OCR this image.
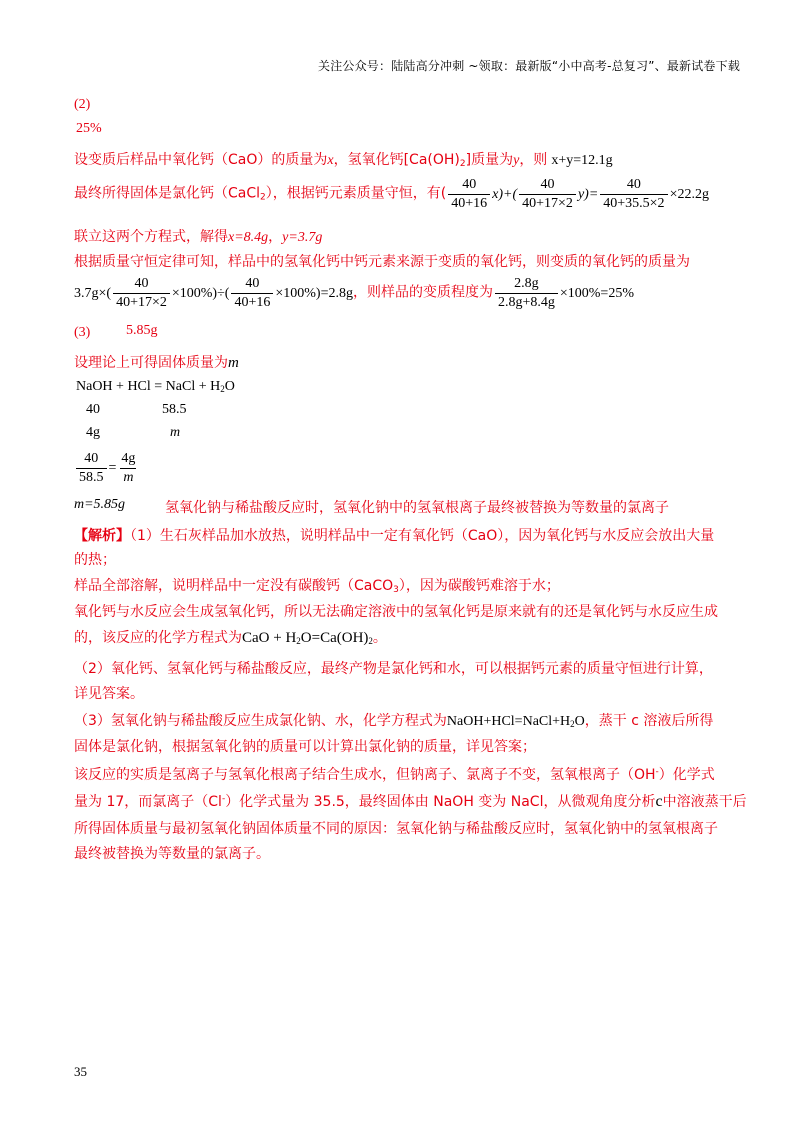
关注公众号：陆陆高分冲刺 ~领取：最新版“小中高考-总复习”、最新试卷下载
(2)
25%
设变质后样品中氧化钙（CaO）的质量为x，氢氧化钙$[Ca(OH)_2]$质量为y，则 x+y=12.1g
最终所得固体是氯化钙（CaCl$_2$），根据钙元素质量守恒，有( $\frac{40}{40+16} x)+( \frac{40}{40+17\times 2} y)= \frac{40}{40+35.5\times 2} \times 22.2g$
联立这两个方程式，解得x=8.4g，y=3.7g
根据质量守恒定律可知，样品中的氢氧化钙中钙元素来源于变质的氧化钙，则变质的氧化钙的质量为
$3.7g\times( \frac{40}{40+17\times 2} \times 100\%)\div( \frac{40}{40+16} \times 100\%)=2.8g$，则样品的变质程度为 $\frac{2.8g}{2.8g+8.4g} \times 100\%=25\%$
(3)	5.85g
设理论上可得固体质量为m
NaOH + HCl = NaCl + $H_2O$
40	58.5
4g	m
$\frac{40}{58.5} = \frac{4g}{m}$
m=5.85g	氢氧化钠与稀盐酸反应时，氢氧化钠中的氢氧根离子最终被替换为等数量的氯离子
【解析】（1）生石灰样品加水放热，说明样品中一定有氧化钙（CaO），因为氧化钙与水反应会放出大量
的热；
样品全部溶解，说明样品中一定没有碳酸钙（CaCO$_3$），因为碳酸钙难溶于水；
氧化钙与水反应会生成氢氧化钙，所以无法确定溶液中的氢氧化钙是原来就有的还是氧化钙与水反应生成
的，该反应的化学方程式为CaO + $H_2O=Ca(OH)_2$。
（2）氧化钙、氢氧化钙与稀盐酸反应，最终产物是氯化钙和水，可以根据钙元素的质量守恒进行计算，
详见答案。
（3）氢氧化钠与稀盐酸反应生成氯化钠、水，化学方程式为$NaOH+HCl=NaCl+H_2O$，蒸干 c 溶液后所得
固体是氯化钠，根据氢氧化钠的质量可以计算出氯化钠的质量，详见答案；
该反应的实质是氢离子与氢氧化根离子结合生成水，但钠离子、氯离子不变，氢氧根离子（OH-）化学式
量为 17，而氯离子（Cl-）化学式量为 35.5，最终固体由 NaOH 变为 NaCl，从微观角度分析c中溶液蒸干后
所得固体质量与最初氢氧化钠固体质量不同的原因：氢氧化钠与稀盐酸反应时，氢氧化钠中的氢氧根离子
最终被替换为等数量的氯离子。
35
